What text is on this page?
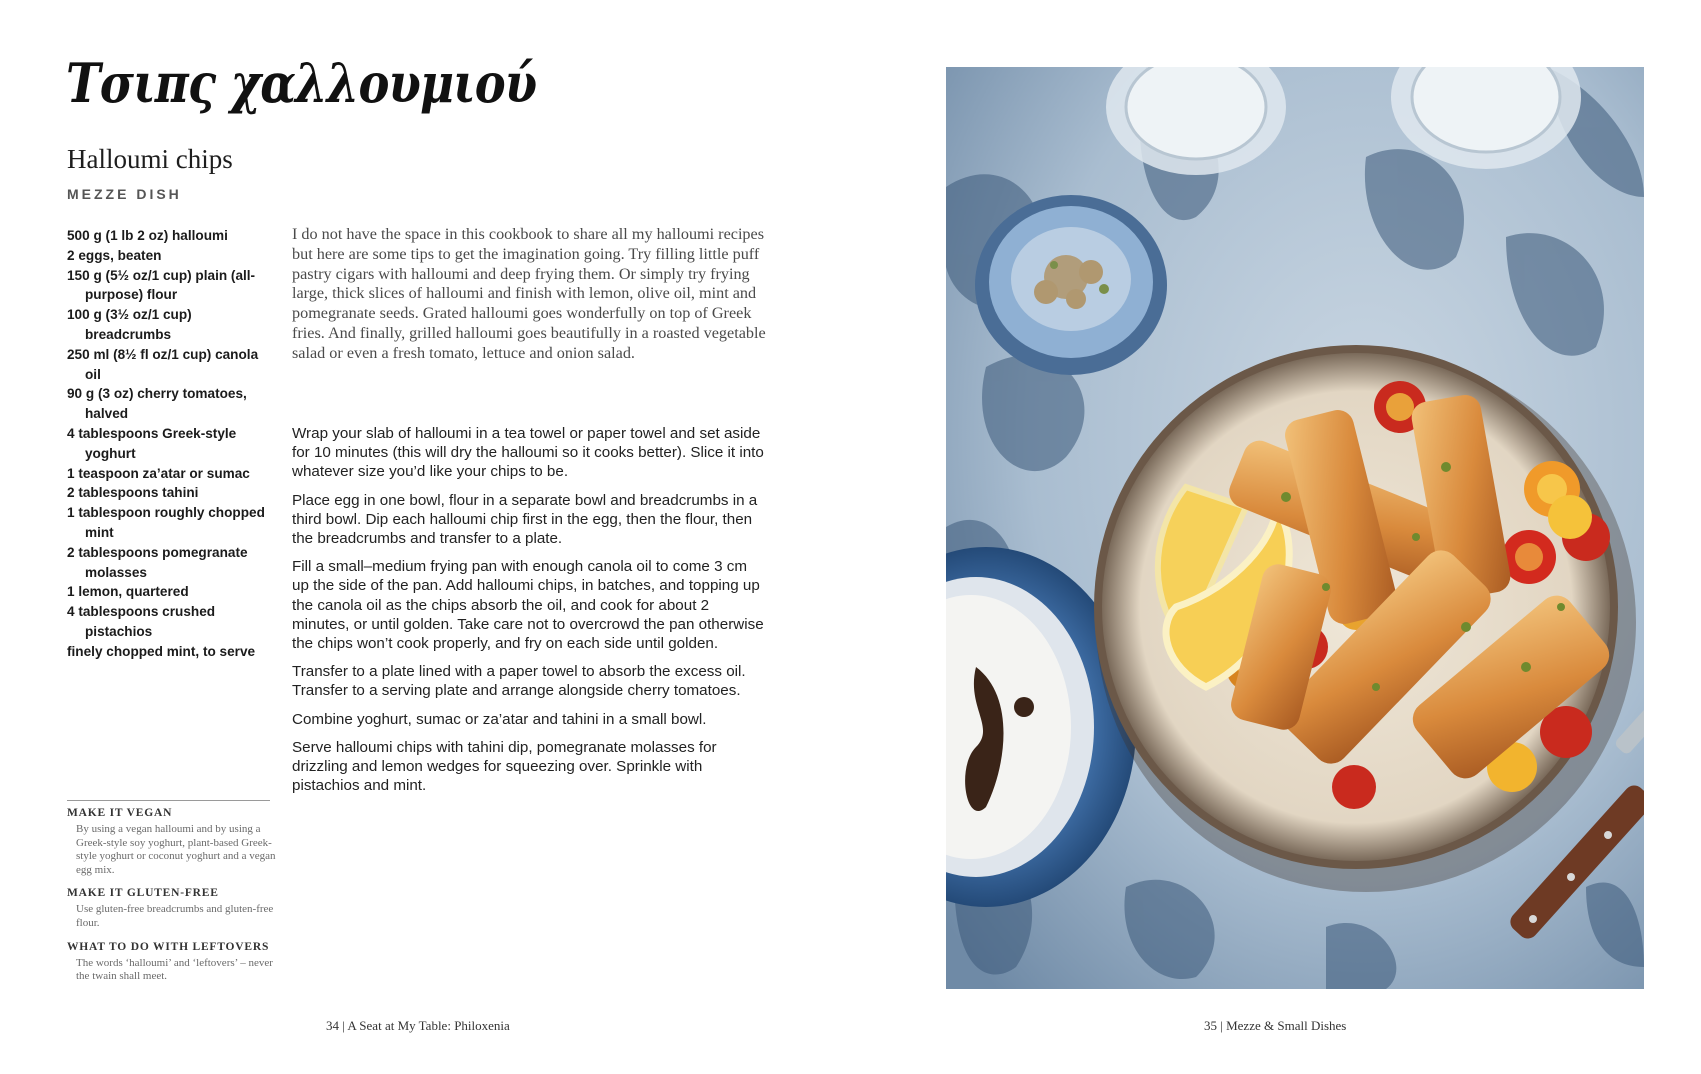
Τσιπς χαλλουμιού
Halloumi chips
MEZZE DISH
500 g (1 lb 2 oz) halloumi
2 eggs, beaten
150 g (5½ oz/1 cup) plain (all-purpose) flour
100 g (3½ oz/1 cup) breadcrumbs
250 ml (8½ fl oz/1 cup) canola oil
90 g (3 oz) cherry tomatoes, halved
4 tablespoons Greek-style yoghurt
1 teaspoon za’atar or sumac
2 tablespoons tahini
1 tablespoon roughly chopped mint
2 tablespoons pomegranate molasses
1 lemon, quartered
4 tablespoons crushed pistachios
finely chopped mint, to serve

I do not have the space in this cookbook to share all my halloumi recipes but here are some tips to get the imagination going. Try filling little puff pastry cigars with halloumi and deep frying them. Or simply try frying large, thick slices of halloumi and finish with lemon, olive oil, mint and pomegranate seeds. Grated halloumi goes wonderfully on top of Greek fries. And finally, grilled halloumi goes beautifully in a roasted vegetable salad or even a fresh tomato, lettuce and onion salad.

Wrap your slab of halloumi in a tea towel or paper towel and set aside for 10 minutes (this will dry the halloumi so it cooks better). Slice it into whatever size you’d like your chips to be.

Place egg in one bowl, flour in a separate bowl and breadcrumbs in a third bowl. Dip each halloumi chip first in the egg, then the flour, then the breadcrumbs and transfer to a plate.

Fill a small–medium frying pan with enough canola oil to come 3 cm up the side of the pan. Add halloumi chips, in batches, and topping up the canola oil as the chips absorb the oil, and cook for about 2 minutes, or until golden. Take care not to overcrowd the pan otherwise the chips won’t cook properly, and fry on each side until golden.

Transfer to a plate lined with a paper towel to absorb the excess oil. Transfer to a serving plate and arrange alongside cherry tomatoes.

Combine yoghurt, sumac or za’atar and tahini in a small bowl.

Serve halloumi chips with tahini dip, pomegranate molasses for drizzling and lemon wedges for squeezing over. Sprinkle with pistachios and mint.

MAKE IT VEGAN
By using a vegan halloumi and by using a Greek-style soy yoghurt, plant-based Greek-style yoghurt or coconut yoghurt and a vegan egg mix.
MAKE IT GLUTEN-FREE
Use gluten-free breadcrumbs and gluten-free flour.
WHAT TO DO WITH LEFTOVERS
The words ‘halloumi’ and ‘leftovers’ – never the twain shall meet.
34 | A Seat at My Table: Philoxenia	35 | Mezze & Small Dishes
